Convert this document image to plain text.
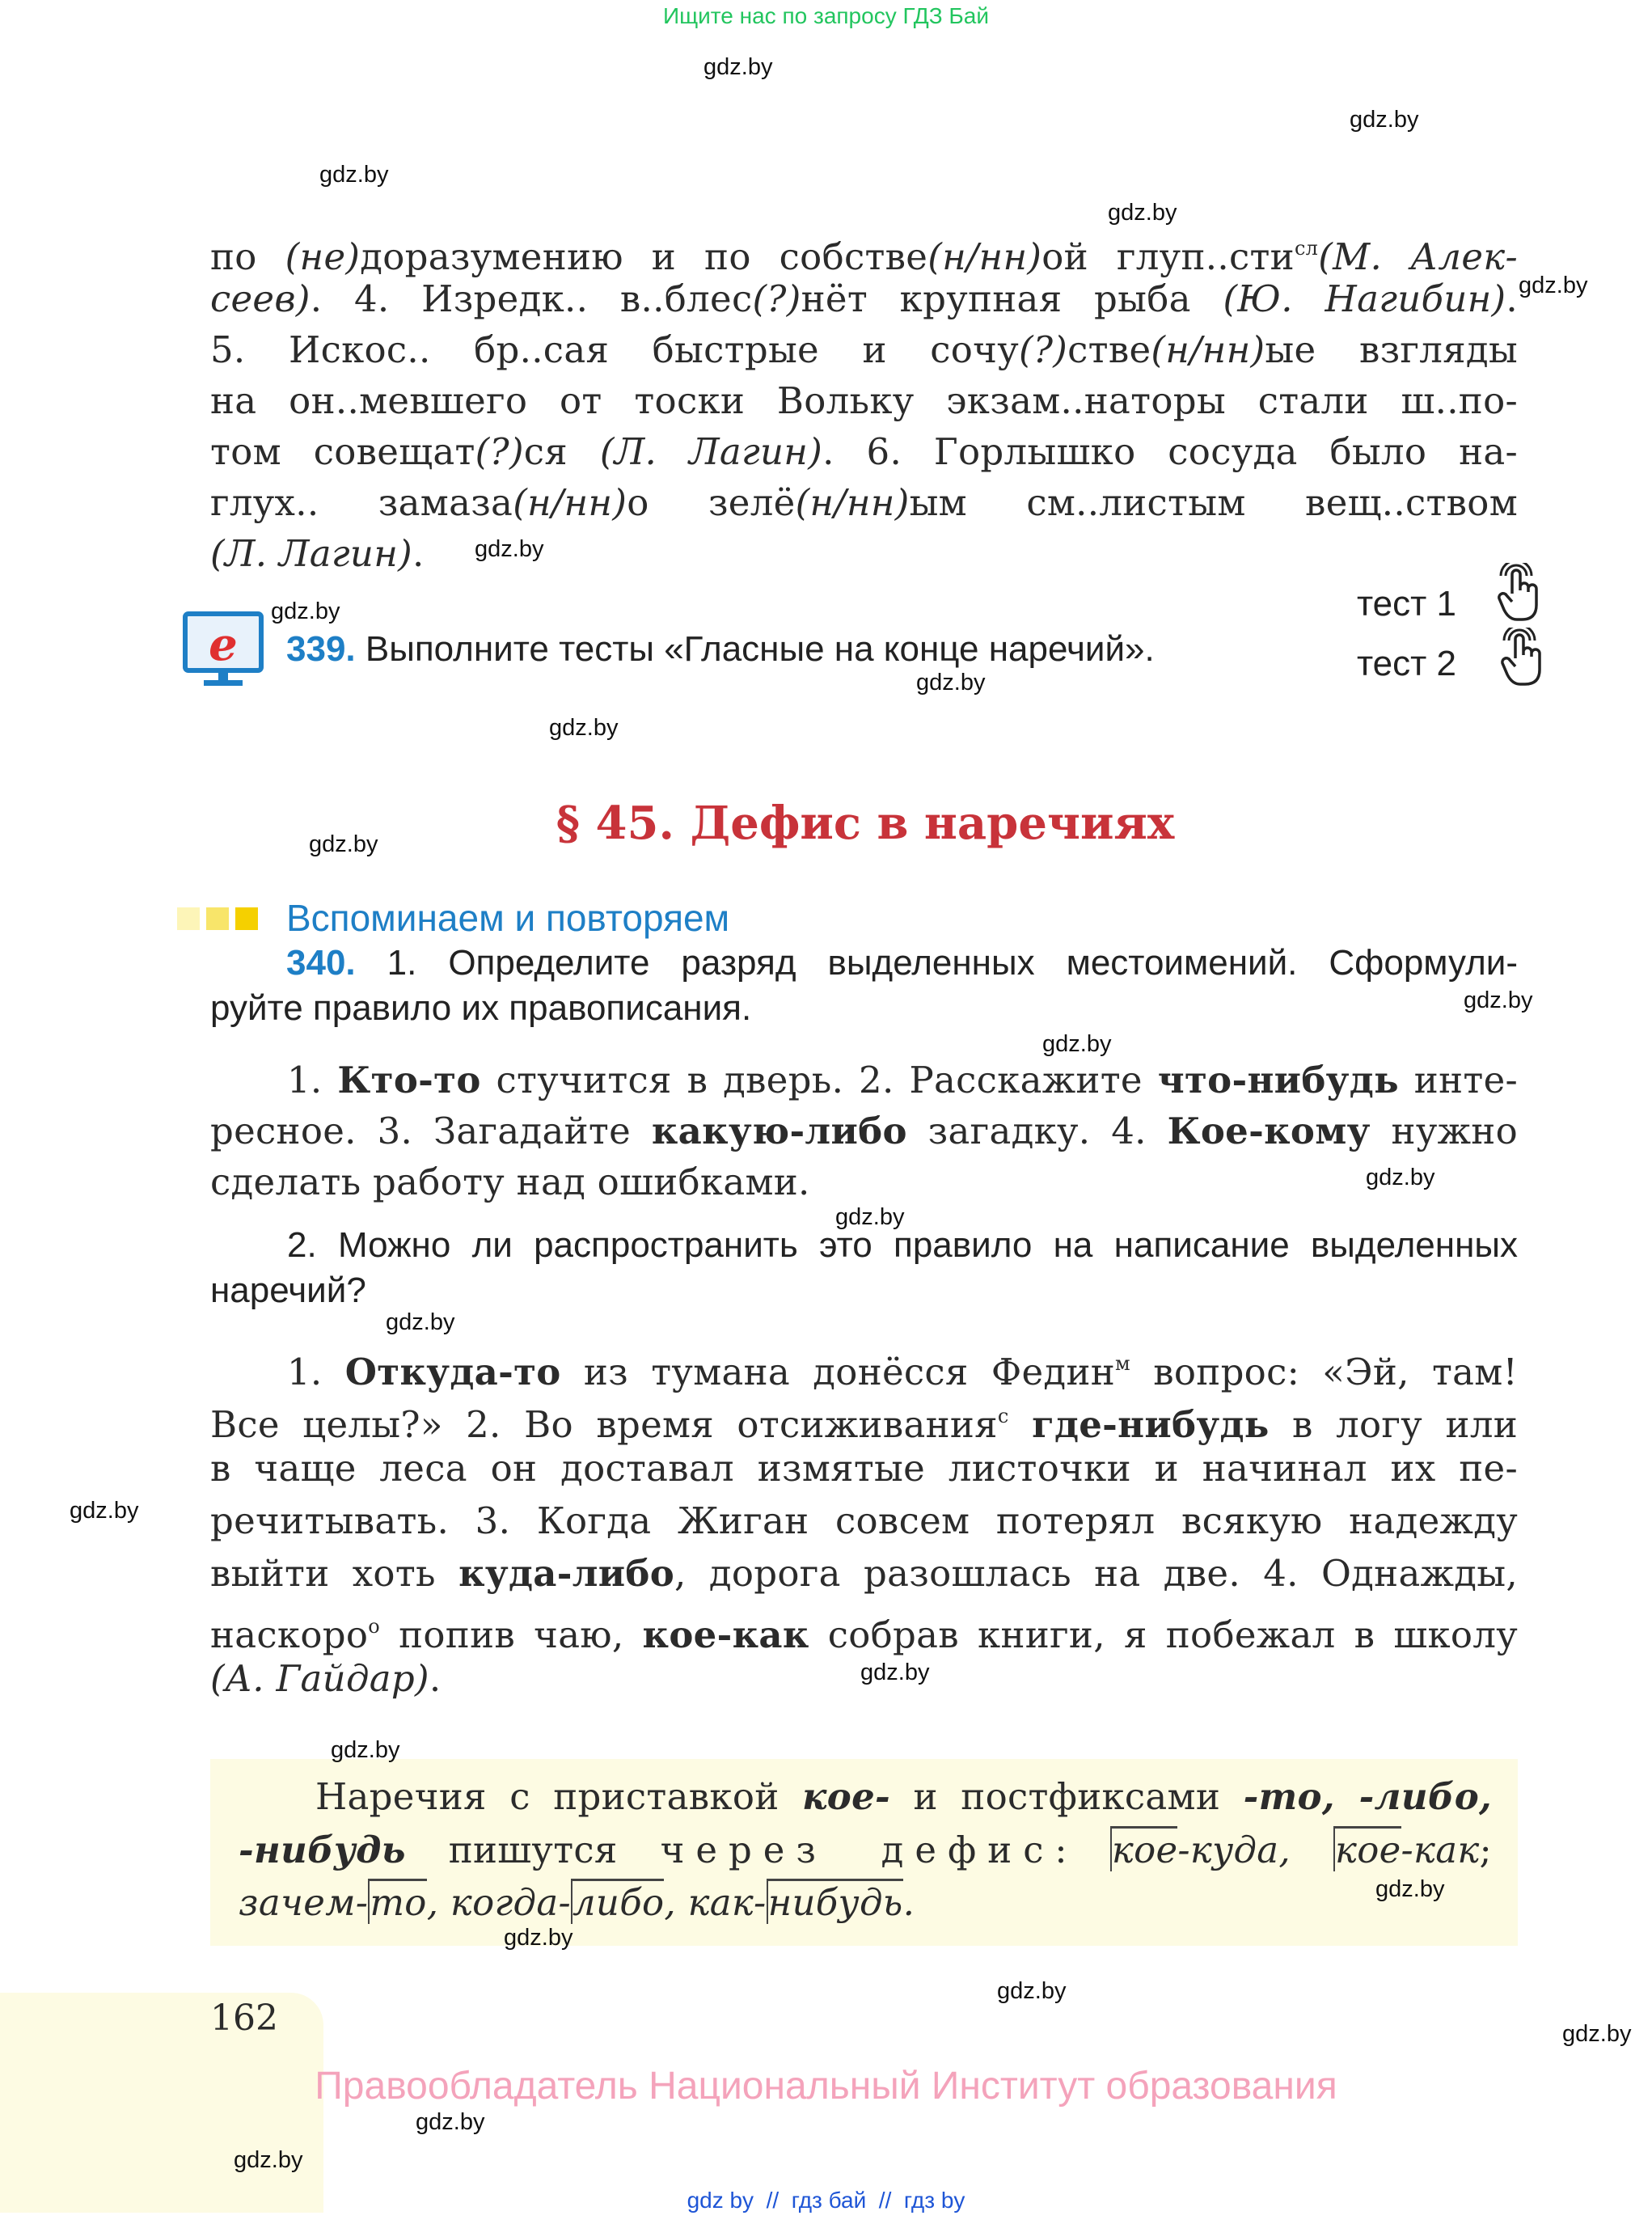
Ищите нас по запросу ГДЗ Бай
по (не)доразумению и по собстве(н/нн)ой глуп..сти$^{сл}$(М. Алек-
сеев). 4. Изредк.. в..блес(?)нёт крупная рыба (Ю. Нагибин).
5. Искос.. бр..сая быстрые и сочу(?)стве(н/нн)ые взгляды
на он..мевшего от тоски Вольку экзам..наторы стали ш..по-
том совещат(?)ся (Л. Лагин). 6. Горлышко сосуда было на-
глух.. замаза(н/нн)о зелё(н/нн)ым см..листым вещ..ством
(Л. Лагин).
e 339. Выполните тесты «Гласные на конце наречий».
тест 1
тест 2
§ 45. Дефис в наречиях
Вспоминаем и повторяем
340. 1. Определите разряд выделенных местоимений. Сформули-
руйте правило их правописания.
1. Кто-то стучится в дверь. 2. Расскажите что-нибудь инте-
ресное. 3. Загадайте какую-либо загадку. 4. Кое-кому нужно
сделать работу над ошибками.
2. Можно ли распространить это правило на написание выделенных
наречий?
1. Откуда-то из тумана донёсся Федин$^м$ вопрос: «Эй, там!
Все целы?» 2. Во время отсиживания$^с$ где-нибудь в логу или
в чаще леса он доставал измятые листочки и начинал их пе-
речитывать. 3. Когда Жиган совсем потерял всякую надежду
выйти хоть куда-либо, дорога разошлась на две. 4. Однажды,
наскоро$^о$ попив чаю, кое-как собрав книги, я побежал в школу
(А. Гайдар).
Наречия с приставкой кое- и постфиксами -то, -либо,
-нибудь пишутся через дефис: кое-куда, кое-как;
зачем-то, когда-либо, как-нибудь.
162
Правообладатель Национальный Институт образования
gdz by  //  гдз бай  //  гдз by
gdz.by
gdz.by
gdz.by
gdz.by
gdz.by
gdz.by
gdz.by
gdz.by
gdz.by
gdz.by
gdz.by
gdz.by
gdz.by
gdz.by
gdz.by
gdz.by
gdz.by
gdz.by
gdz.by
gdz.by
gdz.by
gdz.by
gdz.by
gdz.by
